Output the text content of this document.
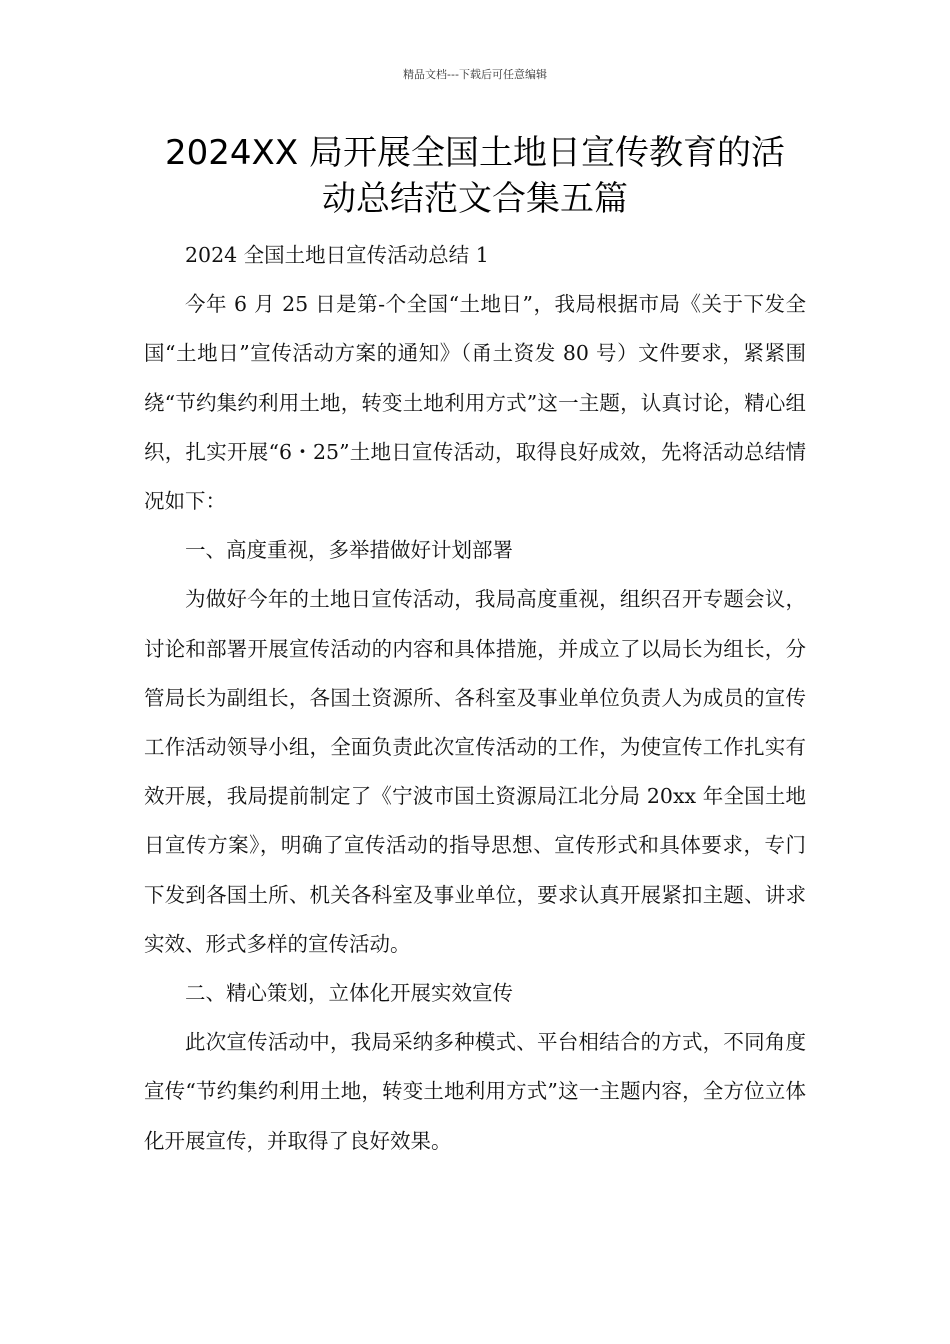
精品文档---下载后可任意编辑
2024XX 局开展全国土地日宣传教育的活
动总结范文合集五篇

2024 全国土地日宣传活动总结 1

今年 6 月 25 日是第-个全国“土地日”，我局根据市局《关于下发全国“土地日”宣传活动方案的通知》（甬土资发 80 号）文件要求，紧紧围绕“节约集约利用土地，转变土地利用方式”这一主题，认真讨论，精心组织，扎实开展“6・25”土地日宣传活动，取得良好成效，先将活动总结情况如下：

一、高度重视，多举措做好计划部署

为做好今年的土地日宣传活动，我局高度重视，组织召开专题会议，讨论和部署开展宣传活动的内容和具体措施，并成立了以局长为组长，分管局长为副组长，各国土资源所、各科室及事业单位负责人为成员的宣传工作活动领导小组，全面负责此次宣传活动的工作，为使宣传工作扎实有效开展，我局提前制定了《宁波市国土资源局江北分局 20xx 年全国土地日宣传方案》，明确了宣传活动的指导思想、宣传形式和具体要求，专门下发到各国土所、机关各科室及事业单位，要求认真开展紧扣主题、讲求实效、形式多样的宣传活动。

二、精心策划，立体化开展实效宣传

此次宣传活动中，我局采纳多种模式、平台相结合的方式，不同角度宣传“节约集约利用土地，转变土地利用方式”这一主题内容，全方位立体化开展宣传，并取得了良好效果。
